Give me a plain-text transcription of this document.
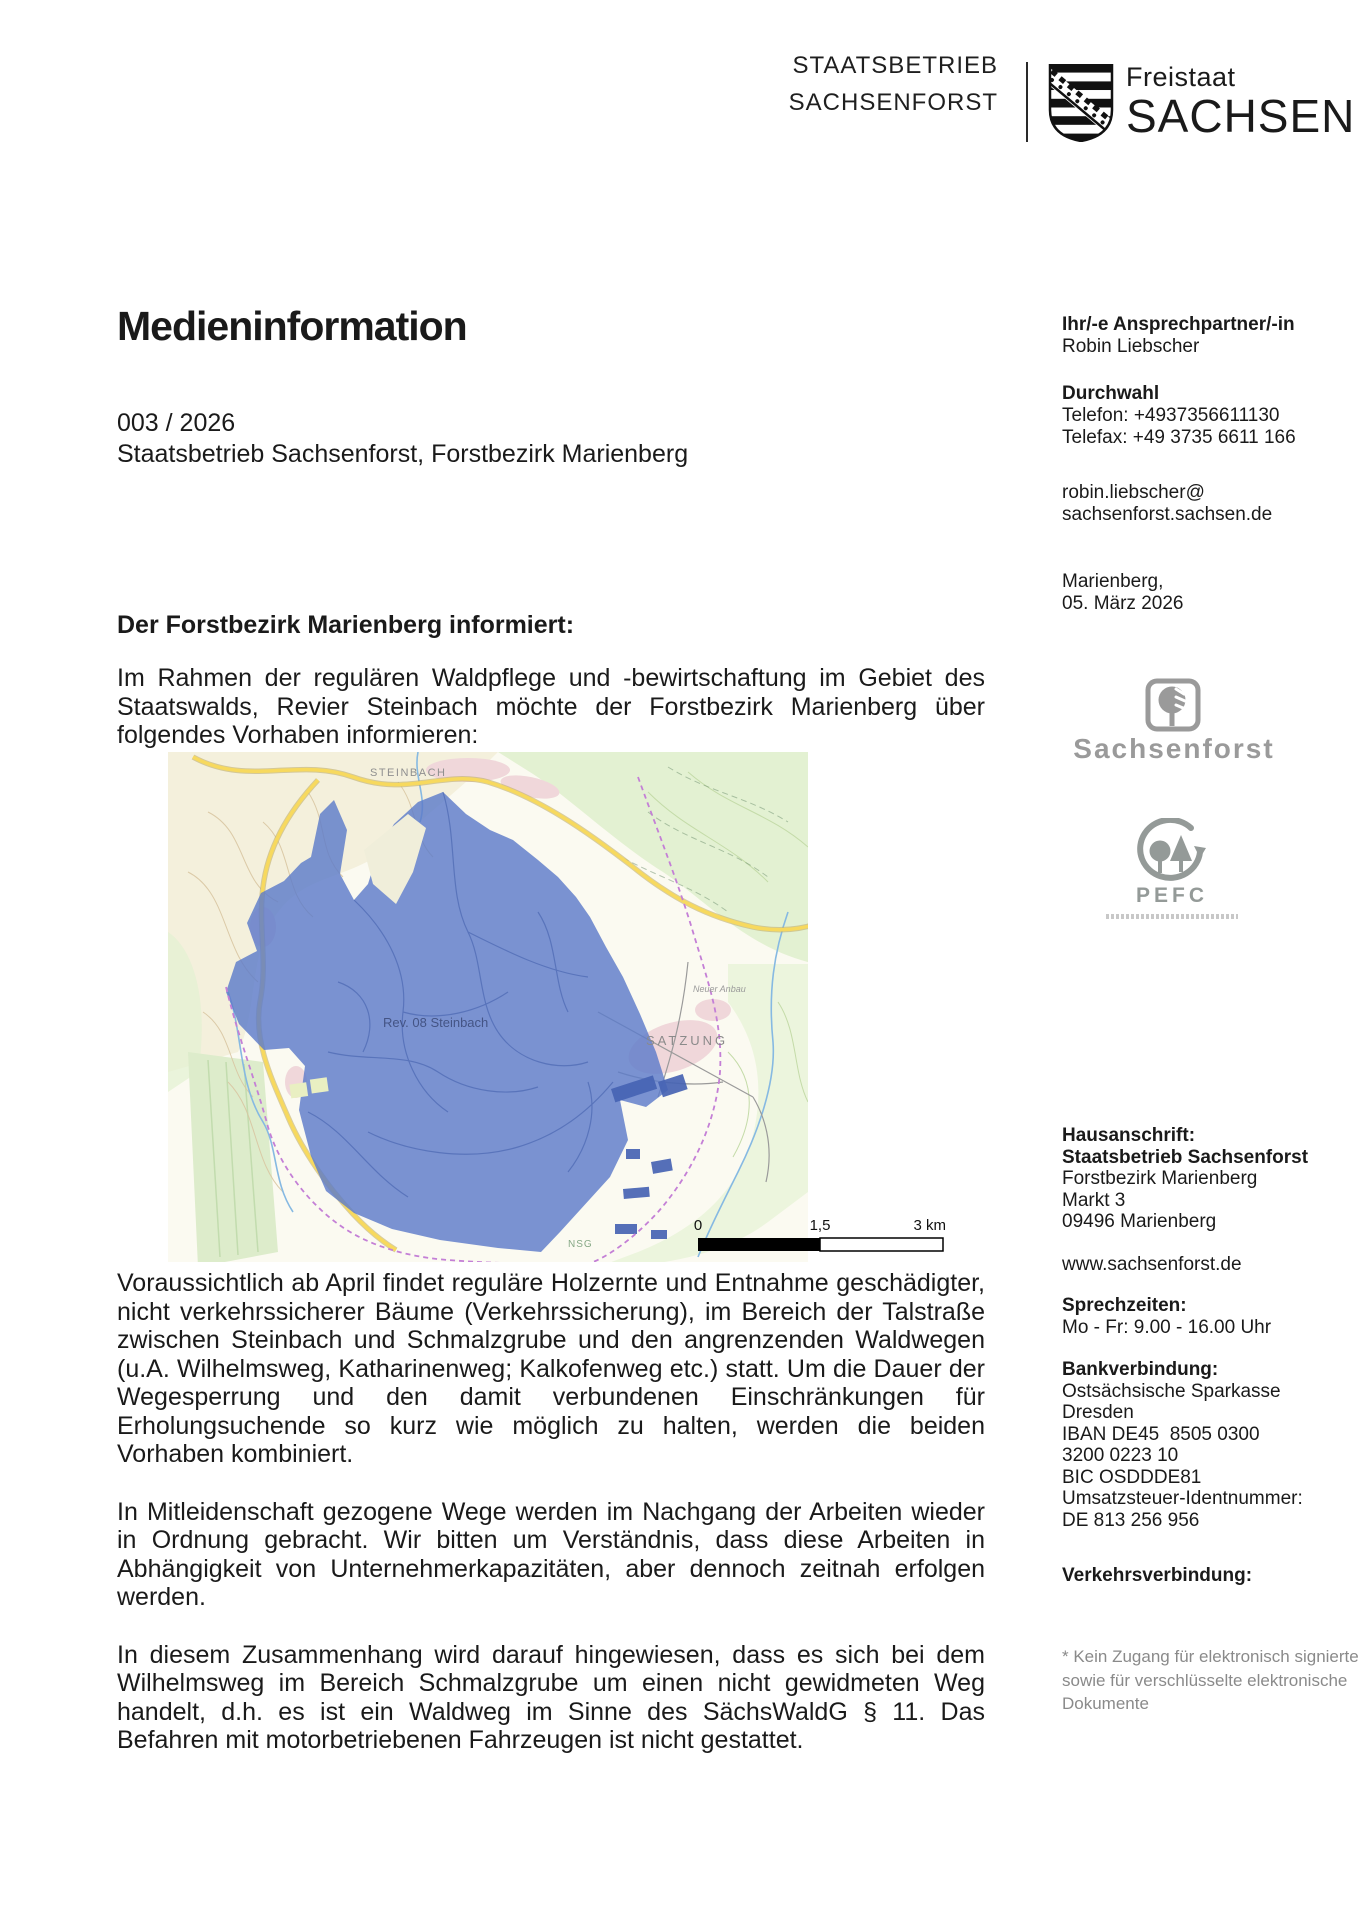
STAATSBETRIEB
SACHSENFORST
Freistaat
SACHSEN
Medieninformation
003 / 2026
Staatsbetrieb Sachsenforst, Forstbezirk Marienberg
Ihr/-e Ansprechpartner/-in
Robin Liebscher
Durchwahl
Telefon: +4937356611130
Telefax: +49 3735 6611 166
robin.liebscher@
sachsenforst.sachsen.de
Marienberg,
05. März 2026
Sachsenforst
PEFC
Der Forstbezirk Marienberg informiert:

Im Rahmen der regulären Waldpflege und -bewirtschaftung im Gebiet des Staatswalds, Revier Steinbach möchte der Forstbezirk Marienberg über folgendes Vorhaben informieren:

STEINBACH
SATZUNG
Neuer Anbau
Rev. 08 Steinbach
NSG
0	1,5	3 km

Voraussichtlich ab April findet reguläre Holzernte und Entnahme geschädigter, nicht verkehrssicherer Bäume (Verkehrssicherung), im Bereich der Talstraße zwischen Steinbach und Schmalzgrube und den angrenzenden Waldwegen (u.A. Wilhelmsweg, Katharinenweg; Kalkofenweg etc.) statt. Um die Dauer der Wegesperrung und den damit verbundenen Einschränkungen für Erholungsuchende so kurz wie möglich zu halten, werden die beiden Vorhaben kombiniert.

In Mitleidenschaft gezogene Wege werden im Nachgang der Arbeiten wieder in Ordnung gebracht. Wir bitten um Verständnis, dass diese Arbeiten in Abhängigkeit von Unternehmerkapazitäten, aber dennoch zeitnah erfolgen werden.

In diesem Zusammenhang wird darauf hingewiesen, dass es sich bei dem Wilhelmsweg im Bereich Schmalzgrube um einen nicht gewidmeten Weg handelt, d.h. es ist ein Waldweg im Sinne des SächsWaldG § 11. Das Befahren mit motorbetriebenen Fahrzeugen ist nicht gestattet.

Hausanschrift:
Staatsbetrieb Sachsenforst
Forstbezirk Marienberg
Markt 3
09496 Marienberg
www.sachsenforst.de
Sprechzeiten:
Mo - Fr: 9.00 - 16.00 Uhr
Bankverbindung:
Ostsächsische Sparkasse
Dresden
IBAN DE45  8505 0300
3200 0223 10
BIC OSDDDE81
Umsatzsteuer-Identnummer:
DE 813 256 956
Verkehrsverbindung:
* Kein Zugang für elektronisch signierte
sowie für verschlüsselte elektronische
Dokumente
